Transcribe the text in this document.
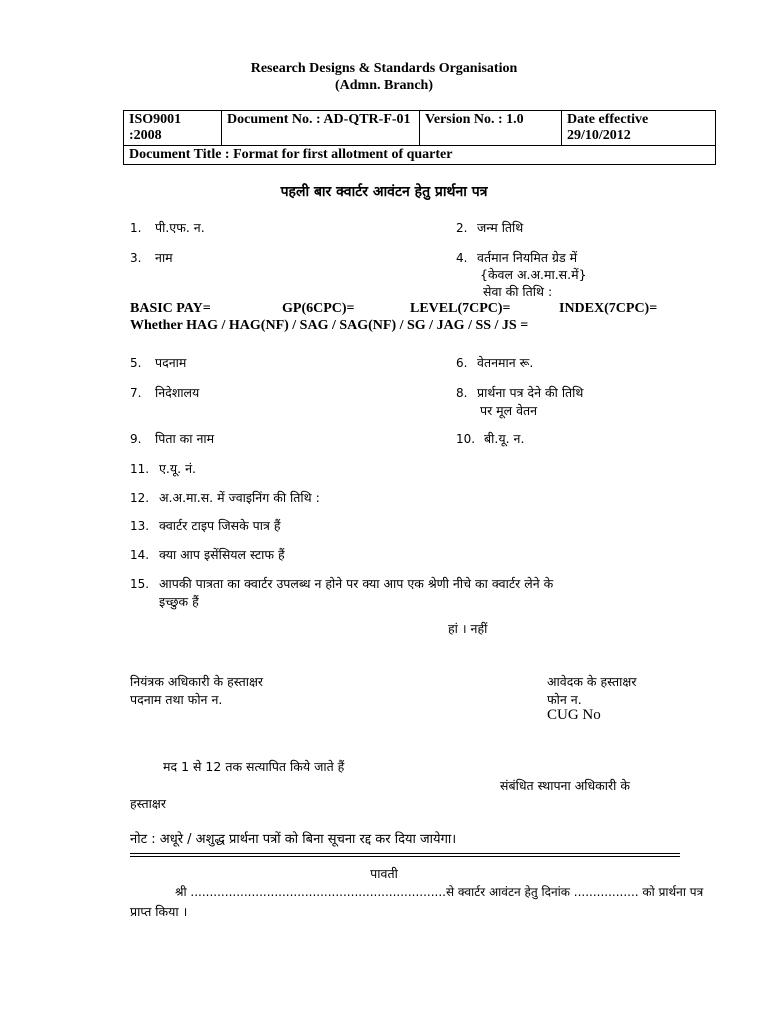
Research Designs & Standards Organisation
(Admn. Branch)
ISO9001 :2008	Document No. : AD-QTR-F-01	Version No. : 1.0	Date effective
29/10/2012

Document Title : Format for first allotment of quarter
पहली बार क्वार्टर आवंटन हेतु प्रार्थना पत्र
1. पी.एफ. न.	2. जन्म तिथि
3. नाम	4. वर्तमान नियमित ग्रेड में
{केवल अ.अ.मा.स.में}
सेवा की तिथि :
BASIC PAY=	GP(6CPC)=	LEVEL(7CPC)=	INDEX(7CPC)=
Whether HAG / HAG(NF) / SAG / SAG(NF) / SG / JAG / SS / JS =
5. पदनाम	6. वेतनमान रू.
7. निदेशालय	8. प्रार्थना पत्र देने की तिथि
पर मूल वेतन
9. पिता का नाम	10. बी.यू. न.
11. ए.यू. नं.
12. अ.अ.मा.स. में ज्वाइनिंग की तिथि :
13. क्वार्टर टाइप जिसके पात्र हैं
14. क्या आप इसेंसियल स्टाफ हैं
15. आपकी पात्रता का क्वार्टर उपलब्ध न होने पर क्या आप एक श्रेणी नीचे का क्वार्टर लेने के
इच्छुक हैं
हां । नहीं
नियंत्रक अधिकारी के हस्ताक्षर
पदनाम तथा फोन न.
आवेदक के हस्ताक्षर
फोन न.
CUG No
मद 1 से 12 तक सत्यापित किये जाते हैं
संबंधित स्थापना अधिकारी के
हस्ताक्षर
नोट : अधूरे / अशुद्ध प्रार्थना पत्रों को बिना सूचना रद्द कर दिया जायेगा।
पावती
श्री ...................................................................से क्वार्टर आवंटन हेतु दिनांक ................. को प्रार्थना पत्र
प्राप्त किया ।
